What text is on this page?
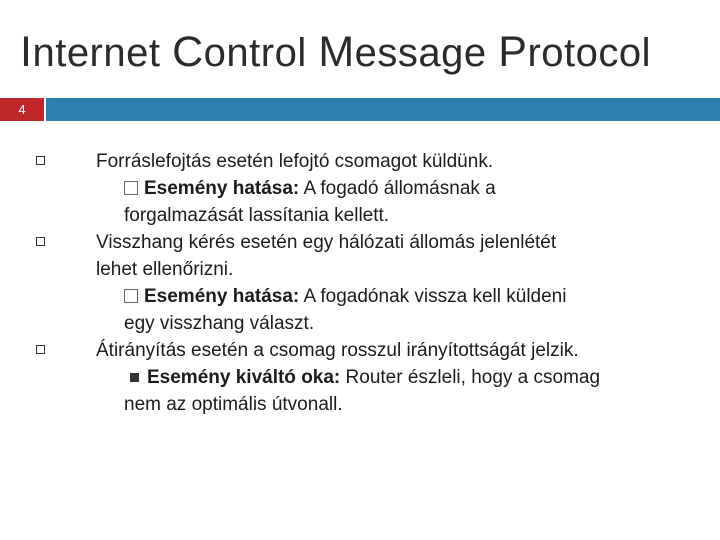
Internet Control Message Protocol
4
Forráslefojtás esetén lefojtó csomagot küldünk.
Esemény hatása: A fogadó állomásnak a
forgalmazását lassítania kellett.
Visszhang kérés esetén egy hálózati állomás jelenlétét
lehet ellenőrizni.
Esemény hatása: A fogadónak vissza kell küldeni
egy visszhang választ.
Átirányítás esetén a csomag rosszul irányítottságát jelzik.
Esemény kiváltó oka: Router észleli, hogy a csomag
nem az optimális útvonall.
